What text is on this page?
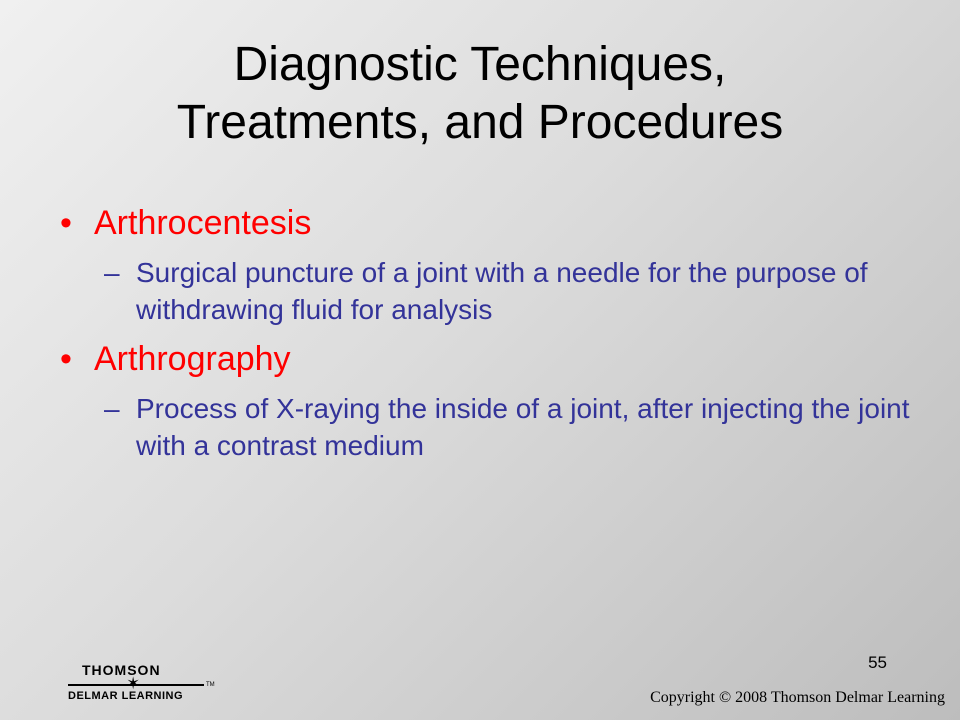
Diagnostic Techniques,
Treatments, and Procedures
• Arthrocentesis
– Surgical puncture of a joint with a needle for the purpose of withdrawing fluid for analysis
• Arthrography
– Process of X-raying the inside of a joint, after injecting the joint with a contrast medium
55
THOMSON
✶
DELMAR LEARNING
TM
Copyright © 2008 Thomson Delmar Learning
